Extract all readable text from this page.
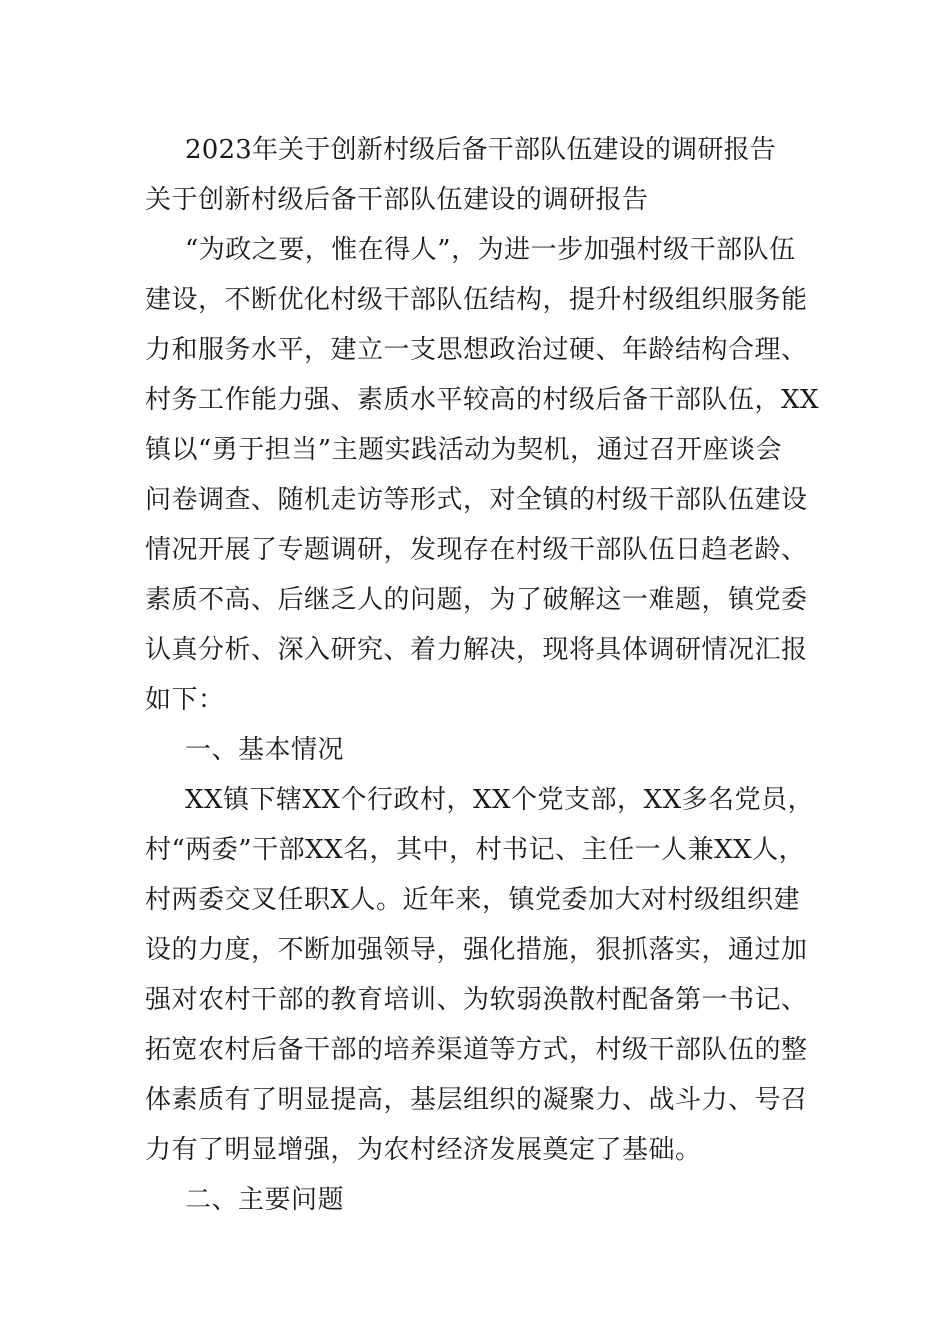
2023年关于创新村级后备干部队伍建设的调研报告
关于创新村级后备干部队伍建设的调研报告
“为政之要，惟在得人”，为进一步加强村级干部队伍
建设，不断优化村级干部队伍结构，提升村级组织服务能
力和服务水平，建立一支思想政治过硬、年龄结构合理、
村务工作能力强、素质水平较高的村级后备干部队伍，XX
镇以“勇于担当”主题实践活动为契机，通过召开座谈会
问卷调查、随机走访等形式，对全镇的村级干部队伍建设
情况开展了专题调研，发现存在村级干部队伍日趋老龄、
素质不高、后继乏人的问题，为了破解这一难题，镇党委
认真分析、深入研究、着力解决，现将具体调研情况汇报
如下：
一、基本情况
XX镇下辖XX个行政村，XX个党支部，XX多名党员，
村“两委”干部XX名，其中，村书记、主任一人兼XX人，
村两委交叉任职X人。近年来，镇党委加大对村级组织建
设的力度，不断加强领导，强化措施，狠抓落实，通过加
强对农村干部的教育培训、为软弱涣散村配备第一书记、
拓宽农村后备干部的培养渠道等方式，村级干部队伍的整
体素质有了明显提高，基层组织的凝聚力、战斗力、号召
力有了明显增强，为农村经济发展奠定了基础。
二、主要问题
